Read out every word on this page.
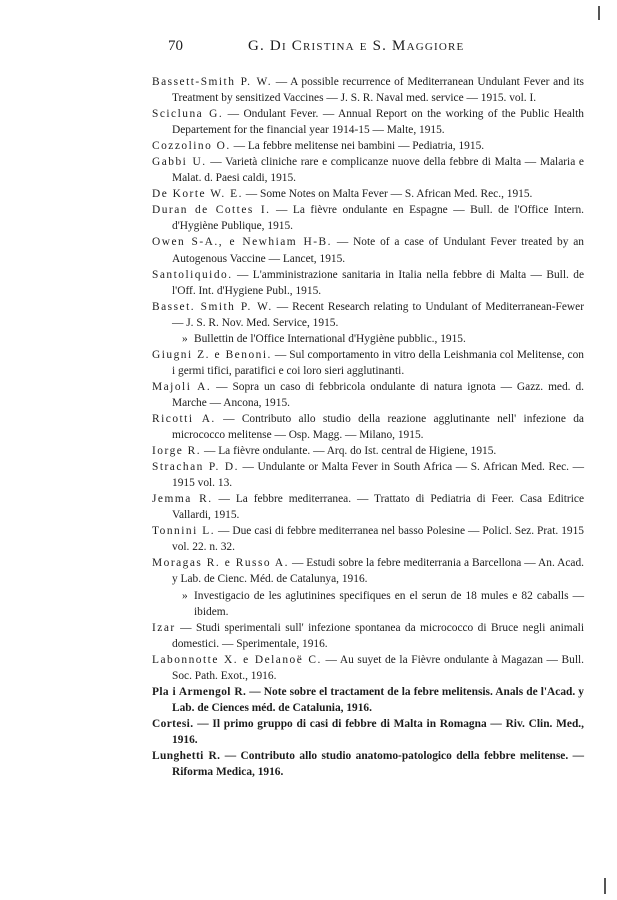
70	G. Di Cristina e S. Maggiore
Bassett-Smith P. W. — A possible recurrence of Mediterranean Undulant Fever and its Treatment by sensitized Vaccines — J. S. R. Naval med. service — 1915. vol. I.
Scicluna G. — Ondulant Fever. — Annual Report on the working of the Public Health Departement for the financial year 1914-15 — Malte, 1915.
Cozzolino O. — La febbre melitense nei bambini — Pediatria, 1915.
Gabbi U. — Varietà cliniche rare e complicanze nuove della febbre di Malta — Malaria e Malat. d. Paesi caldi, 1915.
De Korte W. E. — Some Notes on Malta Fever — S. African Med. Rec., 1915.
Duran de Cottes I. — La fièvre ondulante en Espagne — Bull. de l'Office Intern. d'Hygiène Publique, 1915.
Owen S-A., e Newhiam H-B. — Note of a case of Undulant Fever treated by an Autogenous Vaccine — Lancet, 1915.
Santoliquido. — L'amministrazione sanitaria in Italia nella febbre di Malta — Bull. de l'Off. Int. d'Hygiene Publ., 1915.
Basset. Smith P. W. — Recent Research relating to Undulant of Mediterranean-Fewer — J. S. R. Nov. Med. Service, 1915.
» Bullettin de l'Office International d'Hygiène pubblic., 1915.
Giugni Z. e Benoni. — Sul comportamento in vitro della Leishmania col Melitense, con i germi tifici, paratifici e coi loro sieri agglutinanti.
Majoli A. — Sopra un caso di febbricola ondulante di natura ignota — Gazz. med. d. Marche — Ancona, 1915.
Ricotti A. — Contributo allo studio della reazione agglutinante nell' infezione da micrococco melitense — Osp. Magg. — Milano, 1915.
Iorge R. — La fièvre ondulante. — Arq. do Ist. central de Higiene, 1915.
Strachan P. D. — Undulante or Malta Fever in South Africa — S. African Med. Rec. — 1915 vol. 13.
Jemma R. — La febbre mediterranea. — Trattato di Pediatria di Feer. Casa Editrice Vallardi, 1915.
Tonnini L. — Due casi di febbre mediterranea nel basso Polesine — Policl. Sez. Prat. 1915 vol. 22. n. 32.
Moragas R. e Russo A. — Estudi sobre la febre mediterrania a Barcellona — An. Acad. y Lab. de Cienc. Méd. de Catalunya, 1916.
» Investigacio de les aglutinines specifiques en el serun de 18 mules e 82 caballs — ibidem.
Izar — Studi sperimentali sull' infezione spontanea da micrococco di Bruce negli animali domestici. — Sperimentale, 1916.
Labonnotte X. e Delanoë C. — Au suyet de la Fièvre ondulante à Magazan — Bull. Soc. Path. Exot., 1916.
Pla i Armengol R. — Note sobre el tractament de la febre melitensis. Anals de l'Acad. y Lab. de Ciences méd. de Catalunia, 1916.
Cortesi. — Il primo gruppo di casi di febbre di Malta in Romagna — Riv. Clin. Med., 1916.
Lunghetti R. — Contributo allo studio anatomo-patologico della febbre melitense. — Riforma Medica, 1916.
